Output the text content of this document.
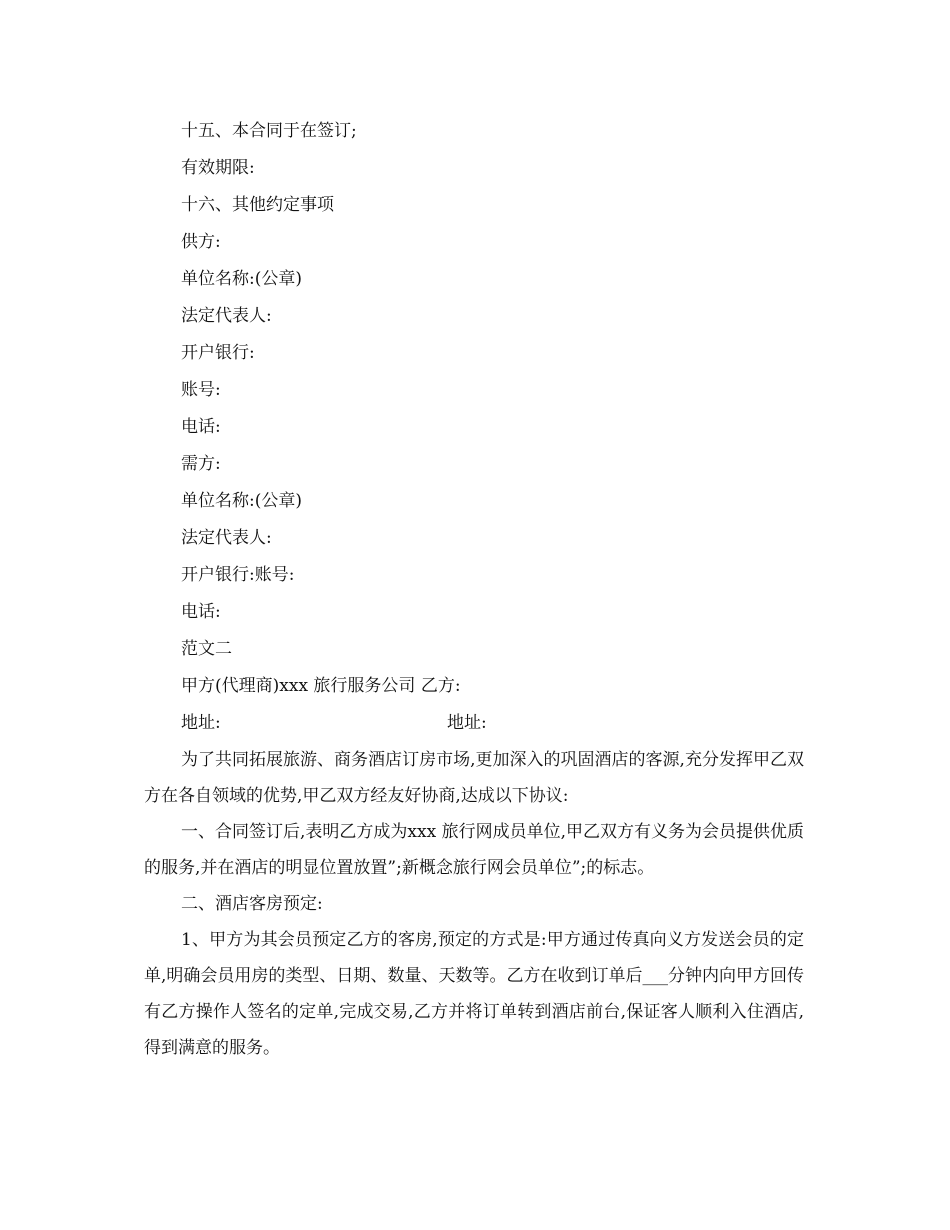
十五、本合同于在签订;
有效期限:
十六、其他约定事项
供方:
单位名称:(公章)
法定代表人:
开户银行:
账号:
电话:
需方:
单位名称:(公章)
法定代表人:
开户银行:账号:
电话:
范文二
甲方(代理商)xxx 旅行服务公司 乙方:
地址:	地址:

为了共同拓展旅游、商务酒店订房市场,更加深入的巩固酒店的客源,充分发挥甲乙双方在各自领域的优势,甲乙双方经友好协商,达成以下协议:

一、合同签订后,表明乙方成为xxx 旅行网成员单位,甲乙双方有义务为会员提供优质的服务,并在酒店的明显位置放置”;新概念旅行网会员单位”;的标志。

二、酒店客房预定:

1、甲方为其会员预定乙方的客房,预定的方式是:甲方通过传真向义方发送会员的定单,明确会员用房的类型、日期、数量、天数等。乙方在收到订单后___分钟内向甲方回传有乙方操作人签名的定单,完成交易,乙方并将订单转到酒店前台,保证客人顺利入住酒店,得到满意的服务。
